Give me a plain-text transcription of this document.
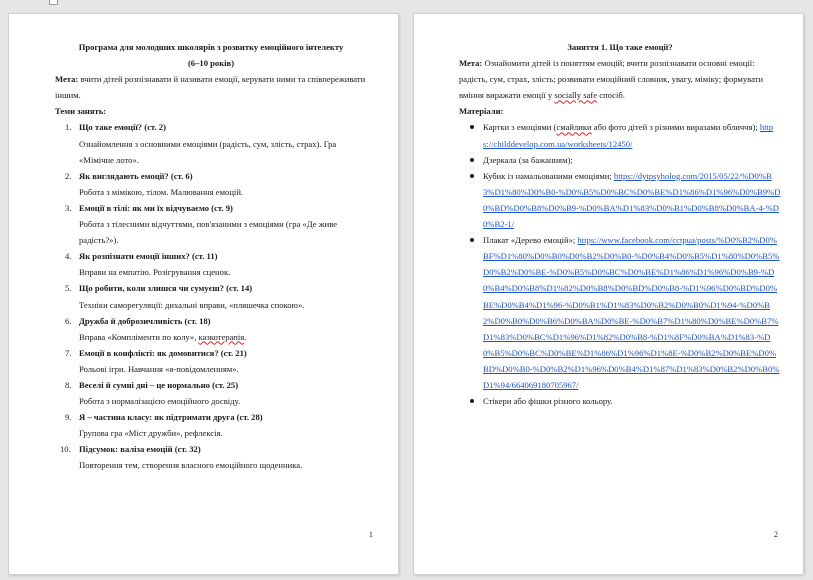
Програма для молодших школярів з розвитку емоційного інтелекту
(6–10 років)
Мета: вчити дітей розпізнавати й називати емоції, керувати ними та співпереживати іншим.
Теми занять:
1. Що таке емоції? (ст. 2)
Ознайомлення з основними емоціями (радість, сум, злість, страх). Гра «Мімічне лото».
2. Як виглядають емоції? (ст. 6)
Робота з мімікою, тілом. Малювання емоцій.
3. Емоції в тілі: як ми їх відчуваємо (ст. 9)
Робота з тілесними відчуттями, пов'язаними з емоціями (гра «Де живе радість?»).
4. Як розпізнати емоції інших? (ст. 11)
Вправи на емпатію. Розігрування сценок.
5. Що робити, коли злишся чи сумуєш? (ст. 14)
Техніки саморегуляції: дихальні вправи, «пляшечка спокою».
6. Дружба й доброзичливість (ст. 18)
Вправа «Компліменти по колу», казкотерапія.
7. Емоції в конфлікті: як домовитися? (ст. 21)
Рольові ігри. Навчання «я-повідомленням».
8. Веселі й сумні дні – це нормально (ст. 25)
Робота з нормалізацією емоційного досвіду.
9. Я – частина класу: як підтримати друга (ст. 28)
Групова гра «Міст дружби», рефлексія.
10. Підсумок: валіза емоцій (ст. 32)
Повторення тем, створення власного емоційного щоденника.
1
Заняття 1. Що таке емоції?
Мета: Ознайомити дітей із поняттям емоцій; вчити розпізнавати основні емоції: радість, сум, страх, злість; розвивати емоційний словник, увагу, міміку; формувати вміння виражати емоції у socially safe спосіб.
Матеріали:
Картки з емоціями (смайлики або фото дітей з різними виразами обличчя); https://childdevelop.com.ua/worksheets/12450/
Дзеркала (за бажанням);
Кубик із намальованими емоціями; https://dytpsyholog.com/2015/05/22/%D0%B3%D1%80%D0%B0-%D0%B5%D0%BC%D0%BE%D1%86%D1%96%D0%B9%D0%BD%D0%B8%D0%B9-%D0%BA%D1%83%D0%B1%D0%B8%D0%BA-4-%D0%B2-1/
Плакат «Дерево емоцій»; https://www.facebook.com/cctpua/posts/%D0%B2%D0%BF%D1%80%D0%B0%D0%B2%D0%B0-%D0%B4%D0%B5%D1%80%D0%B5%D0%B2%D0%BE-%D0%B5%D0%BC%D0%BE%D1%86%D1%96%D0%B9-%D0%B4%D0%B8%D1%82%D0%B8%D0%BD%D0%B8-%D1%96%D0%BD%D0%BE%D0%B4%D1%96-%D0%B1%D1%83%D0%B2%D0%B0%D1%94-%D0%B2%D0%B0%D0%B6%D0%BA%D0%BE-%D0%B7%D1%80%D0%BE%D0%B7%D1%83%D0%BC%D1%96%D1%82%D0%B8-%D1%8F%D0%BA%D1%83-%D0%B5%D0%BC%D0%BE%D1%86%D1%96%D1%8E-%D0%B2%D0%BE%D0%BD%D0%B0-%D0%B2%D1%96%D0%B4%D1%87%D1%83%D0%B2%D0%B0%D1%94/664069180705967/
Стікери або фішки різного кольору.
2
